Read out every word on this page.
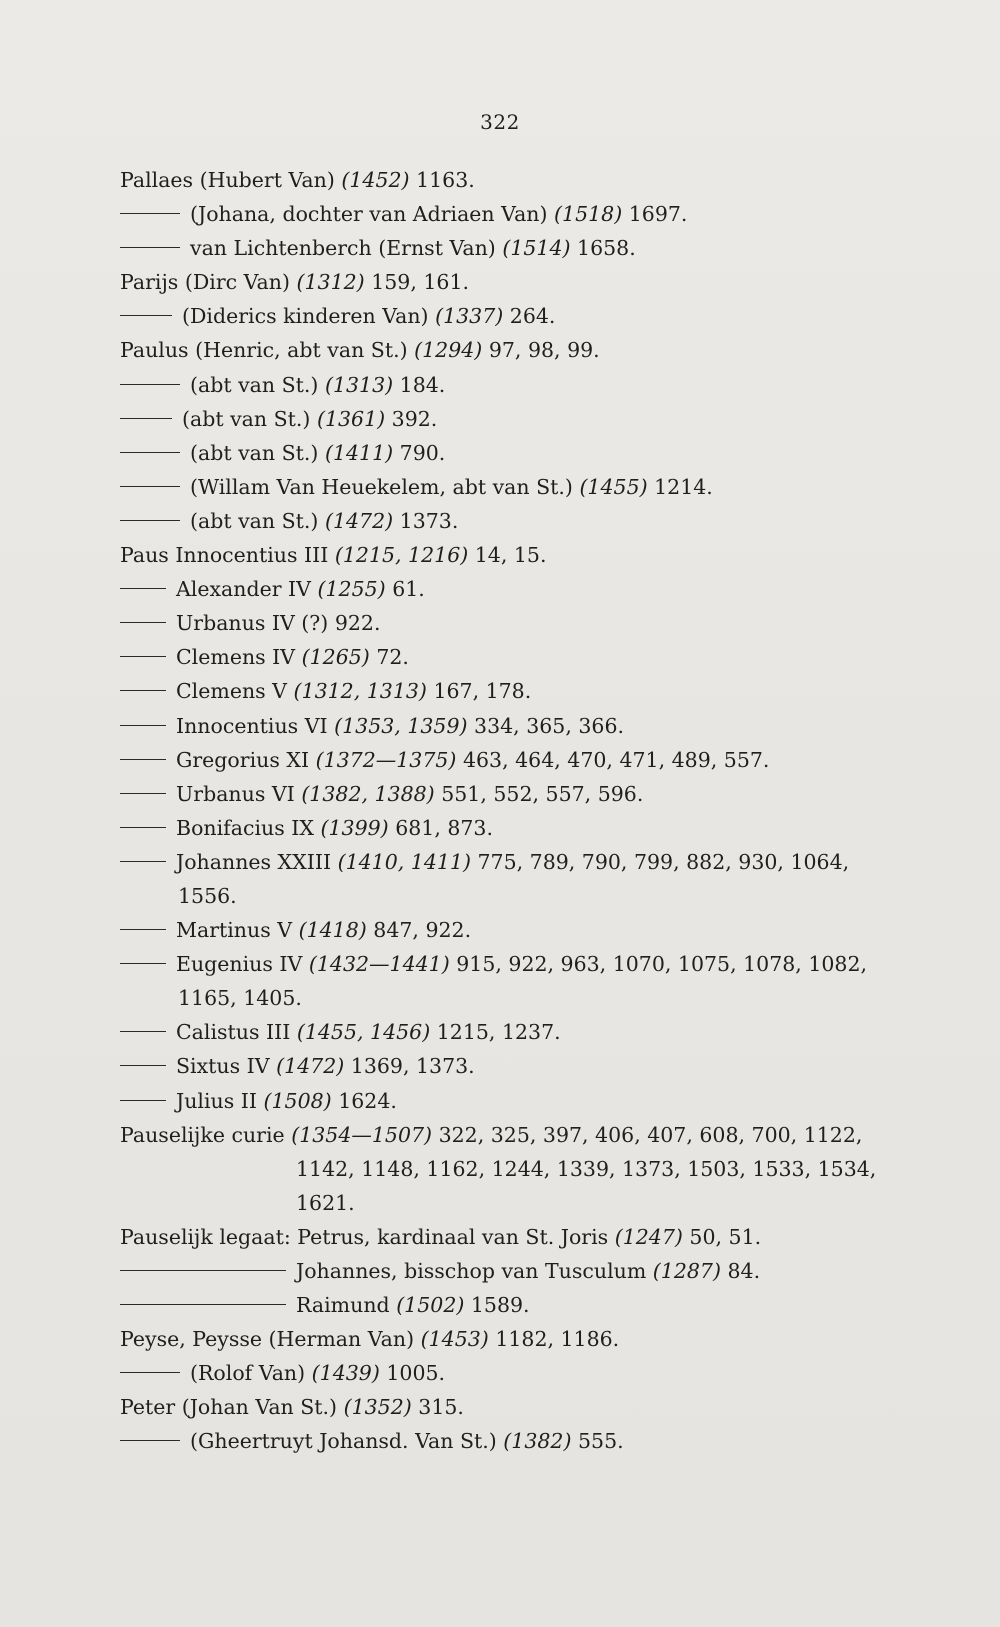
322
Pallaes (Hubert Van) (1452) 1163.
(Johana, dochter van Adriaen Van) (1518) 1697.
van Lichtenberch (Ernst Van) (1514) 1658.
Parijs (Dirc Van) (1312) 159, 161.
(Diderics kinderen Van) (1337) 264.
Paulus (Henric, abt van St.) (1294) 97, 98, 99.
(abt van St.) (1313) 184.
(abt van St.) (1361) 392.
(abt van St.) (1411) 790.
(Willam Van Heuekelem, abt van St.) (1455) 1214.
(abt van St.) (1472) 1373.
Paus Innocentius III (1215, 1216) 14, 15.
Alexander IV (1255) 61.
Urbanus IV (?) 922.
Clemens IV (1265) 72.
Clemens V (1312, 1313) 167, 178.
Innocentius VI (1353, 1359) 334, 365, 366.
Gregorius XI (1372—1375) 463, 464, 470, 471, 489, 557.
Urbanus VI (1382, 1388) 551, 552, 557, 596.
Bonifacius IX (1399) 681, 873.
Johannes XXIII (1410, 1411) 775, 789, 790, 799, 882, 930, 1064,
1556.
Martinus V (1418) 847, 922.
Eugenius IV (1432—1441) 915, 922, 963, 1070, 1075, 1078, 1082,
1165, 1405.
Calistus III (1455, 1456) 1215, 1237.
Sixtus IV (1472) 1369, 1373.
Julius II (1508) 1624.
Pauselijke curie (1354—1507) 322, 325, 397, 406, 407, 608, 700, 1122,
1142, 1148, 1162, 1244, 1339, 1373, 1503, 1533, 1534,
1621.
Pauselijk legaat: Petrus, kardinaal van St. Joris (1247) 50, 51.
Johannes, bisschop van Tusculum (1287) 84.
Raimund (1502) 1589.
Peyse, Peysse (Herman Van) (1453) 1182, 1186.
(Rolof Van) (1439) 1005.
Peter (Johan Van St.) (1352) 315.
(Gheertruyt Johansd. Van St.) (1382) 555.
